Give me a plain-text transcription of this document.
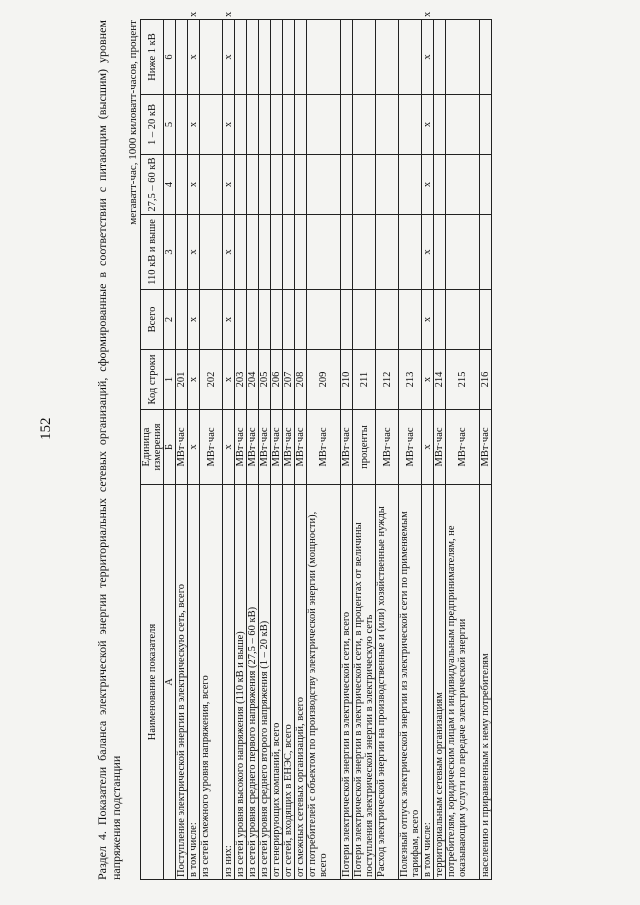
152	Раздел 4. Показатели баланса электрической энергии территориальных сетевых организаций, сформированные в соответствии с питающим (высшим) уровнем напряжения подстанции

мегаватт-час, 1000 киловатт-часов, процент

Наименование показателя	Единица измерения	Код строки	Всего	110 кВ и выше	27,5 – 60 кВ	1 – 20 кВ	Ниже 1 кВ	
А	Б	1	2	3	4	5	6	
Поступление электрической энергии в электрическую сеть, всего	МВт·час	201						
в том числе:	х	х	х	х	х	х	х	х
из сетей смежного уровня напряжения, всего	МВт·час	202						
из них:	х	х	х	х	х	х	х	х
из сетей уровня высокого напряжения (110 кВ и выше)	МВт·час	203						
из сетей уровня среднего первого напряжения (27,5 – 60 кВ)	МВт·час	204						
из сетей уровня среднего второго напряжения (1 – 20 кВ)	МВт·час	205						
от генерирующих компаний, всего	МВт·час	206						
от сетей, входящих в ЕНЭС, всего	МВт·час	207						
от смежных сетевых организаций, всего	МВт·час	208						
от потребителей с объектом по производству электрической энергии (мощности), всего	МВт·час	209						
Потери электрической энергии в электрической сети, всего	МВт·час	210						
Потери электрической энергии в электрической сети, в процентах от величины поступления электрической энергии в электрическую сеть	проценты	211						
Расход электрической энергии на производственные и (или) хозяйственные нужды	МВт·час	212						
Полезный отпуск электрической энергии из электрической сети по применяемым тарифам, всего	МВт·час	213						
в том числе:	х	х	х	х	х	х	х	х
территориальным сетевым организациям	МВт·час	214						
потребителям, юридическим лицам и индивидуальным предпринимателям, не оказывающим услуги по передаче электрической энергии	МВт·час	215						
населению и приравненным к нему потребителям	МВт·час	216						
